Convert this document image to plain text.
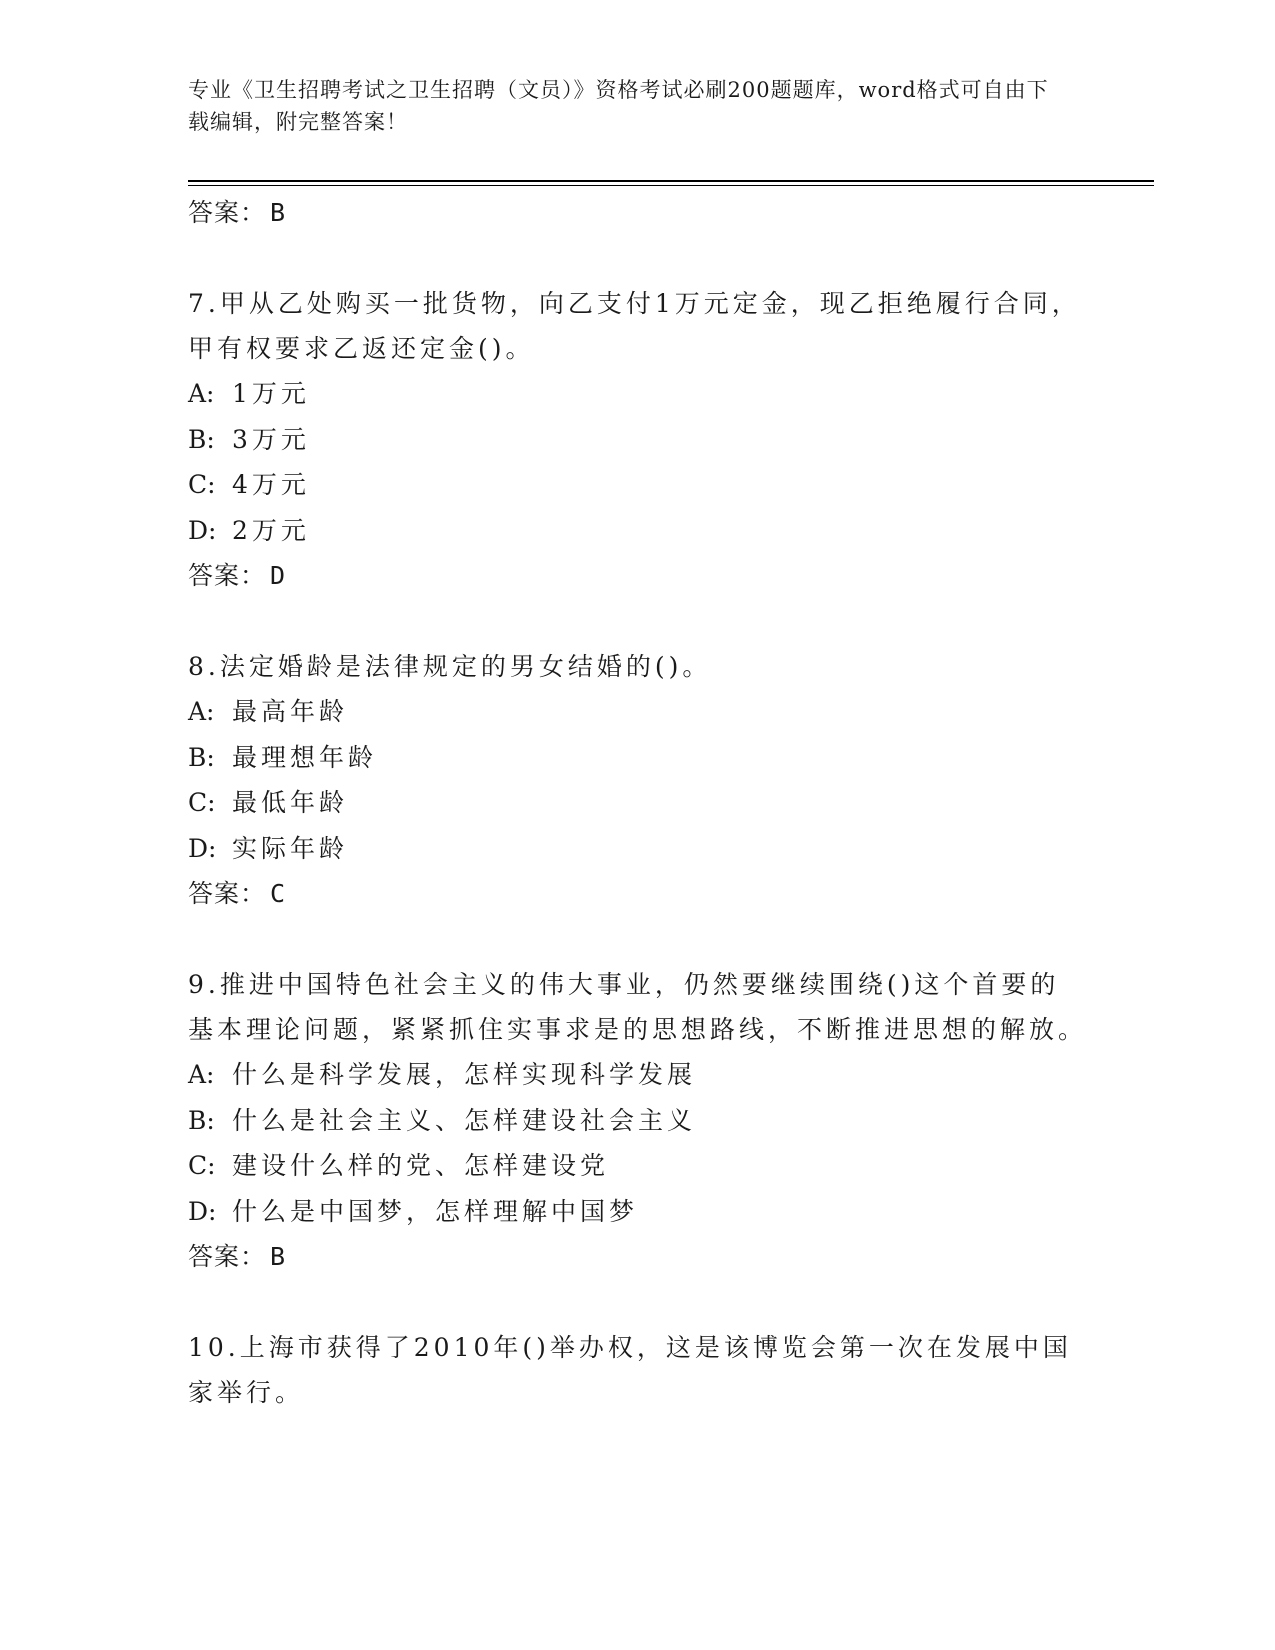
专业《卫生招聘考试之卫生招聘（文员）》资格考试必刷200题题库，word格式可自由下载编辑，附完整答案！

答案： B

7.甲从乙处购买一批货物，向乙支付1万元定金，现乙拒绝履行合同，甲有权要求乙返还定金()。

A: 1万元

B: 3万元

C: 4万元

D: 2万元

答案： D

8.法定婚龄是法律规定的男女结婚的()。

A: 最高年龄

B: 最理想年龄

C: 最低年龄

D: 实际年龄

答案： C

9.推进中国特色社会主义的伟大事业，仍然要继续围绕()这个首要的基本理论问题，紧紧抓住实事求是的思想路线，不断推进思想的解放。

A: 什么是科学发展，怎样实现科学发展

B: 什么是社会主义、怎样建设社会主义

C: 建设什么样的党、怎样建设党

D: 什么是中国梦，怎样理解中国梦

答案： B

10.上海市获得了2010年()举办权，这是该博览会第一次在发展中国家举行。
